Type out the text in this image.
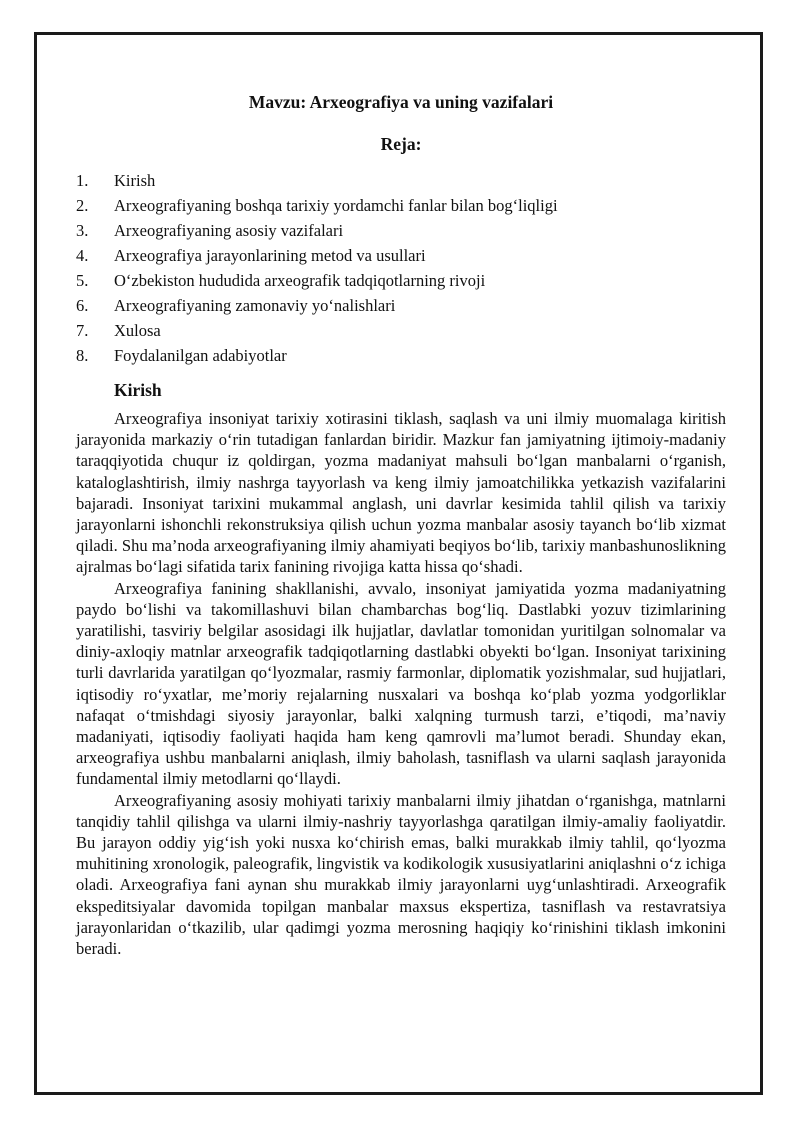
Mavzu: Arxeografiya va uning vazifalari
Reja:
1.	Kirish
2.	Arxeografiyaning boshqa tarixiy yordamchi fanlar bilan bog‘liqligi
3.	Arxeografiyaning asosiy vazifalari
4.	Arxeografiya jarayonlarining metod va usullari
5.	O‘zbekiston hududida arxeografik tadqiqotlarning rivoji
6.	Arxeografiyaning zamonaviy yo‘nalishlari
7.	Xulosa
8.	Foydalanilgan adabiyotlar
Kirish

Arxeografiya insoniyat tarixiy xotirasini tiklash, saqlash va uni ilmiy muomalaga kiritish jarayonida markaziy o‘rin tutadigan fanlardan biridir. Mazkur fan jamiyatning ijtimoiy-madaniy taraqqiyotida chuqur iz qoldirgan, yozma madaniyat mahsuli bo‘lgan manbalarni o‘rganish, kataloglashtirish, ilmiy nashrga tayyorlash va keng ilmiy jamoatchilikka yetkazish vazifalarini bajaradi. Insoniyat tarixini mukammal anglash, uni davrlar kesimida tahlil qilish va tarixiy jarayonlarni ishonchli rekonstruksiya qilish uchun yozma manbalar asosiy tayanch bo‘lib xizmat qiladi. Shu ma’noda arxeografiyaning ilmiy ahamiyati beqiyos bo‘lib, tarixiy manbashunoslikning ajralmas bo‘lagi sifatida tarix fanining rivojiga katta hissa qo‘shadi.

Arxeografiya fanining shakllanishi, avvalo, insoniyat jamiyatida yozma madaniyatning paydo bo‘lishi va takomillashuvi bilan chambarchas bog‘liq. Dastlabki yozuv tizimlarining yaratilishi, tasviriy belgilar asosidagi ilk hujjatlar, davlatlar tomonidan yuritilgan solnomalar va diniy-axloqiy matnlar arxeografik tadqiqotlarning dastlabki obyekti bo‘lgan. Insoniyat tarixining turli davrlarida yaratilgan qo‘lyozmalar, rasmiy farmonlar, diplomatik yozishmalar, sud hujjatlari, iqtisodiy ro‘yxatlar, me’moriy rejalarning nusxalari va boshqa ko‘plab yozma yodgorliklar nafaqat o‘tmishdagi siyosiy jarayonlar, balki xalqning turmush tarzi, e’tiqodi, ma’naviy madaniyati, iqtisodiy faoliyati haqida ham keng qamrovli ma’lumot beradi. Shunday ekan, arxeografiya ushbu manbalarni aniqlash, ilmiy baholash, tasniflash va ularni saqlash jarayonida fundamental ilmiy metodlarni qo‘llaydi.

Arxeografiyaning asosiy mohiyati tarixiy manbalarni ilmiy jihatdan o‘rganishga, matnlarni tanqidiy tahlil qilishga va ularni ilmiy-nashriy tayyorlashga qaratilgan ilmiy-amaliy faoliyatdir. Bu jarayon oddiy yig‘ish yoki nusxa ko‘chirish emas, balki murakkab ilmiy tahlil, qo‘lyozma muhitining xronologik, paleografik, lingvistik va kodikologik xususiyatlarini aniqlashni o‘z ichiga oladi. Arxeografiya fani aynan shu murakkab ilmiy jarayonlarni uyg‘unlashtiradi. Arxeografik ekspeditsiyalar davomida topilgan manbalar maxsus ekspertiza, tasniflash va restavratsiya jarayonlaridan o‘tkazilib, ular qadimgi yozma merosning haqiqiy ko‘rinishini tiklash imkonini beradi.
